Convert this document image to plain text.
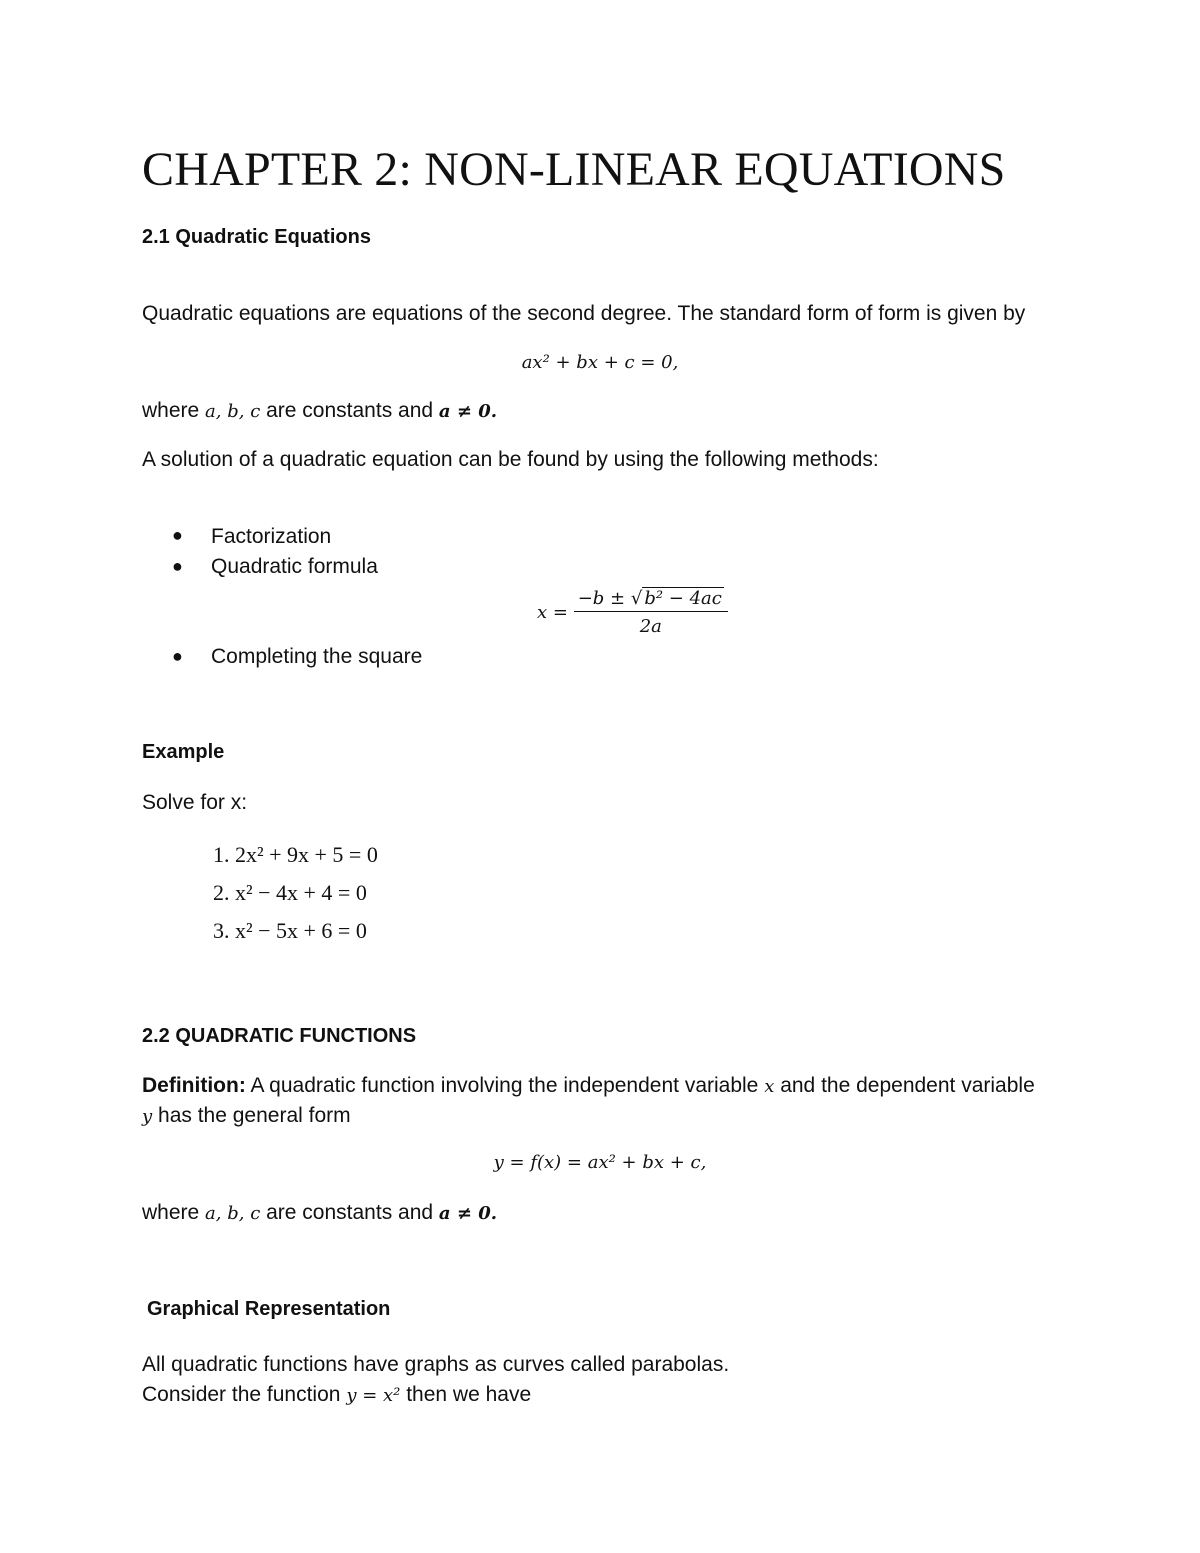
CHAPTER 2: NON-LINEAR EQUATIONS
2.1 Quadratic Equations
Quadratic equations are equations of the second degree. The standard form of form is given by
ax² + bx + c = 0,
where a, b, c are constants and a ≠ 0.
A solution of a quadratic equation can be found by using the following methods:
● Factorization
● Quadratic formula
$x = \frac{\text{−b ± √ b² − 4ac}}{2a}$
● Completing the square
Example
Solve for x:
1. 2x² + 9x + 5 = 0
2. x² − 4x + 4 = 0
3. x² − 5x + 6 = 0
2.2 QUADRATIC FUNCTIONS
Definition: A quadratic function involving the independent variable x and the dependent variable
y has the general form
y = f(x) = ax² + bx + c,
where a, b, c are constants and a ≠ 0.
Graphical Representation
All quadratic functions have graphs as curves called parabolas.
Consider the function y = x² then we have
